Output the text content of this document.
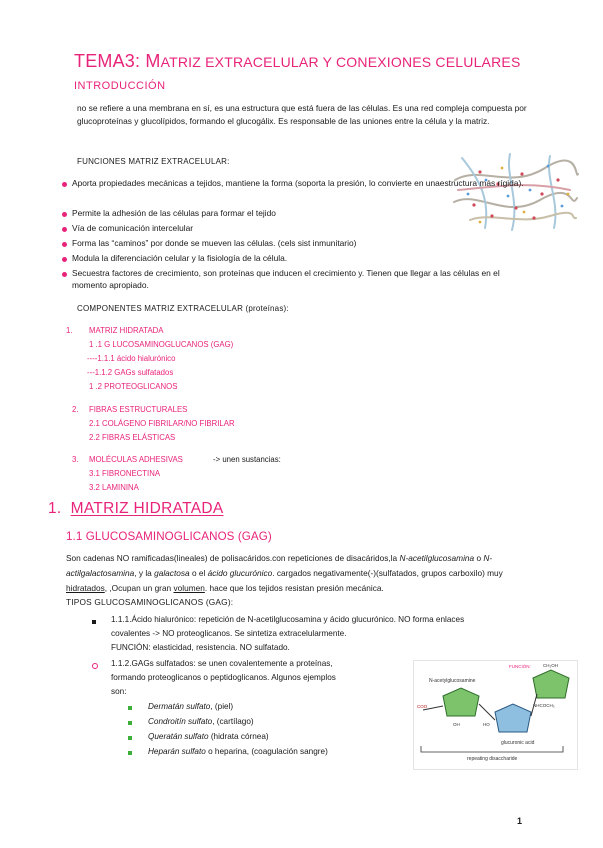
TEMA3: MATRIZ EXTRACELULAR Y CONEXIONES CELULARES
INTRODUCCIÓN
no se refiere a una membrana en sí, es una estructura que está fuera de las células. Es una red compleja compuesta por glucoproteínas y glucolípidos, formando el glucogálix. Es responsable de las uniones entre la célula y la matriz.
FUNCIONES MATRIZ EXTRACELULAR:
Aporta propiedades mecánicas a tejidos, mantiene la forma (soporta la presión, lo convierte en unaestructura más rígida).
Permite la adhesión de las células para formar el tejido
Vía de comunicación intercelular
Forma las “caminos” por donde se mueven las células. (cels sist inmunitario)
Modula la diferenciación celular y la fisiología de la célula.
Secuestra factores de crecimiento, son proteínas que inducen el crecimiento y. Tienen que llegar a las células en el momento apropiado.
COMPONENTES MATRIZ EXTRACELULAR (proteínas):
1. MATRIZ HIDRATADA
1 .1 G LUCOSAMINOGLUCANOS (GAG)
----1.1.1 ácido hialurónico
---1.1.2 GAGs sulfatados
1 .2 PROTEOGLICANOS
2. FIBRAS ESTRUCTURALES
2.1 COLÁGENO FIBRILAR/NO FIBRILAR
2.2 FIBRAS ELÁSTICAS
3. MOLÉCULAS ADHESIVAS	-> unen sustancias:
3.1 FIBRONECTINA
3.2 LAMININA
1. MATRIZ HIDRATADA
1.1 GLUCOSAMINOGLICANOS (GAG)
Son cadenas NO ramificadas(lineales) de polisacáridos.con repeticiones de disacáridos,la N-acetilglucosamina o N-actilgalactosamina, y la galactosa o el ácido glucurónico. cargados negativamente(-)(sulfatados, grupos carboxilo) muy hidratados, ,Ocupan un gran volumen. hace que los tejidos resistan presión mecánica.
TIPOS GLUCOSAMINOGLICANOS (GAG):
1.1.1.Ácido hialurónico: repetición de N-acetilglucosamina y ácido glucurónico. NO forma enlaces
covalentes -> NO proteoglicanos. Se sintetiza extracelularmente.
FUNCIÓN: elasticidad, resistencia. NO sulfatado.
1.1.2.GAGs sulfatados: se unen covalentemente a proteínas,
formando proteoglicanos o peptidoglicanos. Algunos ejemplos
son:
Dermatán sulfato, (piel)
Condroitín sulfato, (cartílago)
Queratán sulfato (hidrata córnea)
Heparán sulfato o heparina, (coagulación sangre)
N-acetylglucosamine
glucuronic acid
repeating disaccharide
CH₂OH
FUNCIÓN:
COO	NHCOCH₃
HO
OH
1
